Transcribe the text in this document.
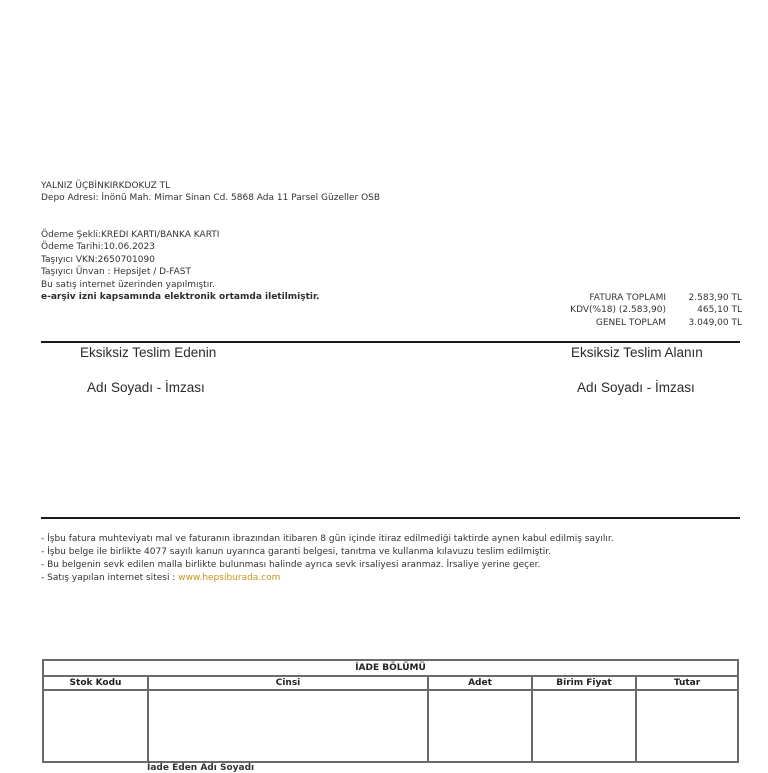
YALNIZ ÜÇBİNKIRKDOKUZ TL
Depo Adresi: İnönü Mah. Mimar Sinan Cd. 5868 Ada 11 Parsel Güzeller OSB
Ödeme Şekli:KREDI KARTI/BANKA KARTI
Ödeme Tarihi:10.06.2023
Taşıyıcı VKN:2650701090
Taşıyıcı Ünvan : HepsiJet / D-FAST
Bu satış internet üzerinden yapılmıştır.
e-arşiv izni kapsamında elektronik ortamda iletilmiştir.	FATURA TOPLAMI	2.583,90 TL
KDV(%18) (2.583,90)	465,10 TL
GENEL TOPLAM	3.049,00 TL
Eksiksiz Teslim Edenin
Adı Soyadı - İmzası
Eksiksiz Teslim Alanın
Adı Soyadı - İmzası
- İşbu fatura muhteviyatı mal ve faturanın ibrazından itibaren 8 gün içinde itiraz edilmediği taktirde aynen kabul edilmiş sayılır.
- İşbu belge ile birlikte 4077 sayılı kanun uyarınca garanti belgesi, tanıtma ve kullanma kılavuzu teslim edilmiştir.
- Bu belgenin sevk edilen malla birlikte bulunması halinde ayrıca sevk irsaliyesi aranmaz. İrsaliye yerine geçer.
- Satış yapılan internet sitesi : www.hepsiburada.com
İADE BÖLÜMÜ
Stok Kodu	Cinsi	Adet	Birim Fiyat	Tutar

İade Eden Adı Soyadı
